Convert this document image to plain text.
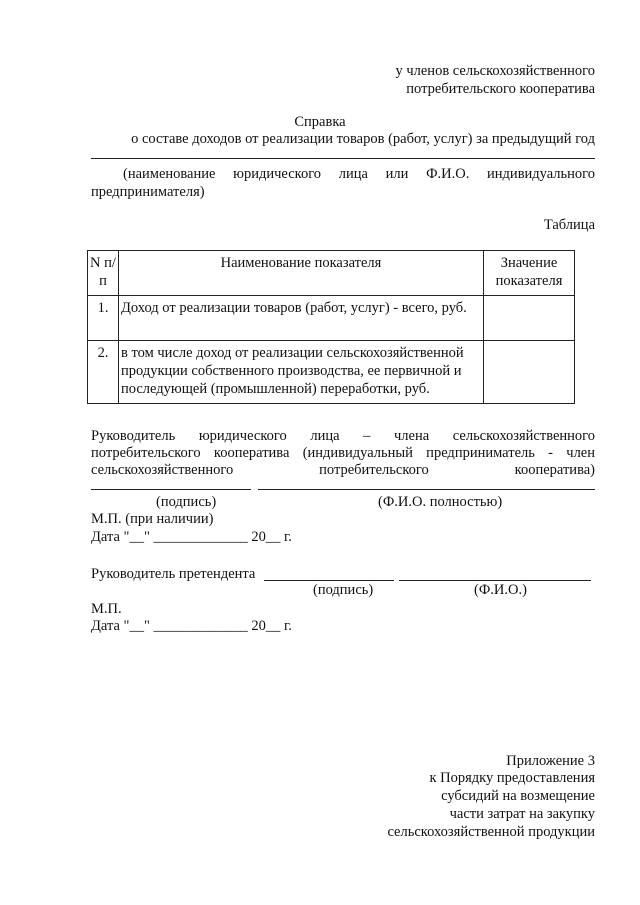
у членов сельскохозяйственного
потребительского кооператива
Справка
о составе доходов от реализации товаров (работ, услуг) за предыдущий год
(наименование юридического лица или Ф.И.О. индивидуального
предпринимателя)
Таблица
N п/п	Наименование показателя	Значение показателя
1.	Доход от реализации товаров (работ, услуг) - всего, руб.	
2.	в том числе доход от реализации сельскохозяйственной продукции собственного производства, ее первичной и последующей (промышленной) переработки, руб.	
Руководитель юридического лица – члена сельскохозяйственного
потребительского кооператива (индивидуальный предприниматель - член
сельскохозяйственного потребительского кооператива)
(подпись)	(Ф.И.О. полностью)
М.П. (при наличии)
Дата "__" _____________ 20__ г.
Руководитель претендента
(подпись)	(Ф.И.О.)
М.П.
Дата "__" _____________ 20__ г.
Приложение 3
к Порядку предоставления
субсидий на возмещение
части затрат на закупку
сельскохозяйственной продукции
